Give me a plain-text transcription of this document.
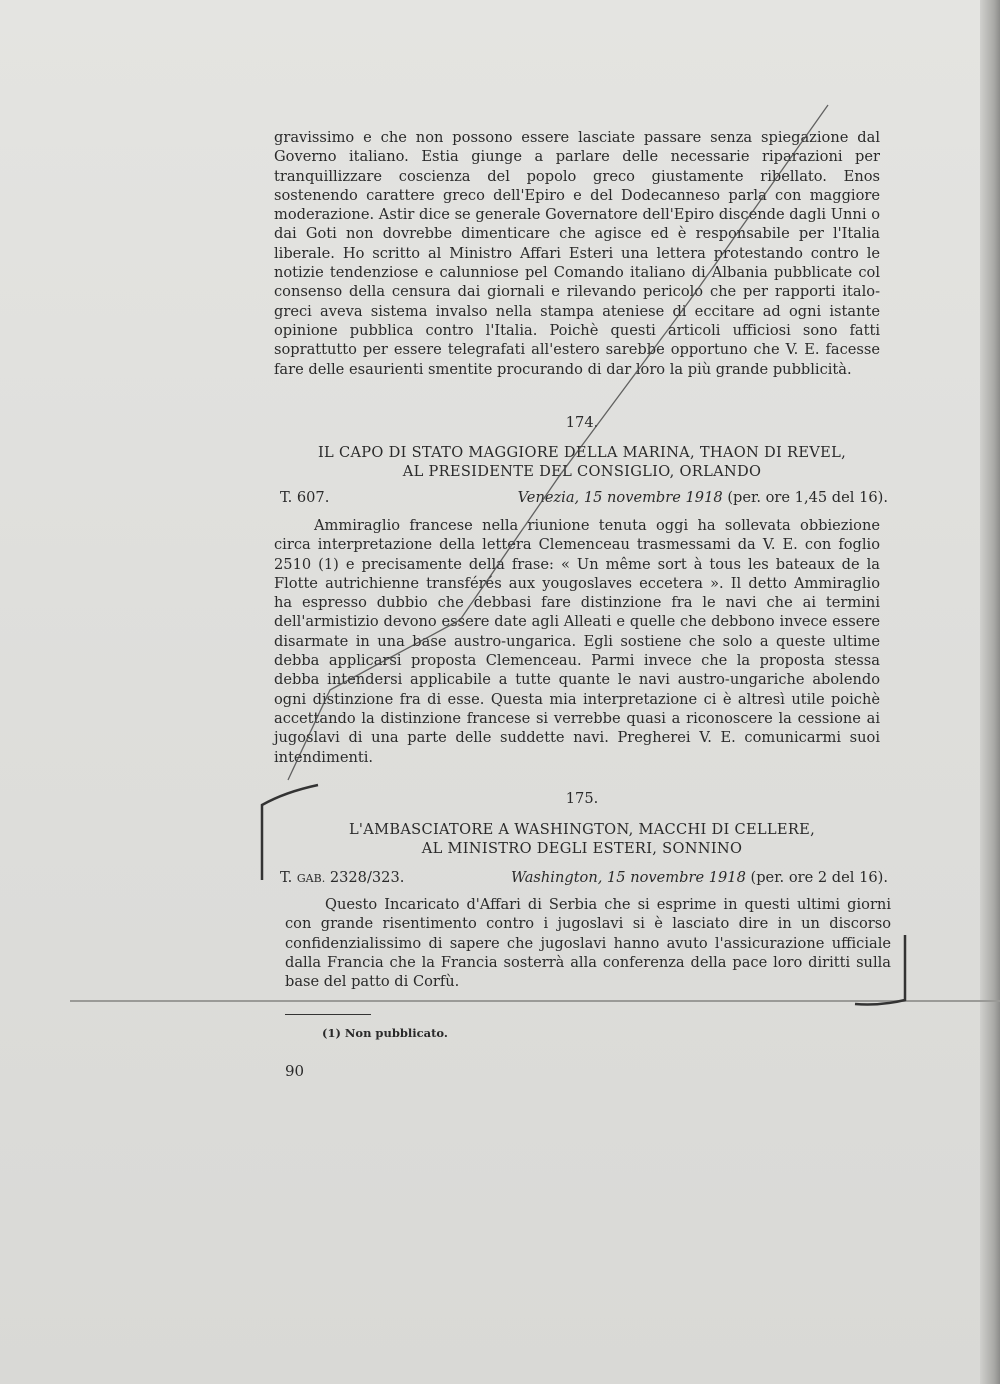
gravissimo e che non possono essere lasciate passare senza spiegazione dal Governo italiano. Estia giunge a parlare delle necessarie riparazioni per tranquillizzare coscienza del popolo greco giustamente ribellato. Enos sostenendo carattere greco dell'Epiro e del Dodecanneso parla con maggiore moderazione. Astir dice se generale Governatore dell'Epiro discende dagli Unni o dai Goti non dovrebbe dimenticare che agisce ed è responsabile per l'Italia liberale. Ho scritto al Ministro Affari Esteri una lettera protestando contro le notizie tendenziose e calunniose pel Comando italiano di Albania pubblicate col consenso della censura dai giornali e rilevando pericolo che per rapporti italo-greci aveva sistema invalso nella stampa ateniese di eccitare ad ogni istante opinione pubblica contro l'Italia. Poichè questi articoli ufficiosi sono fatti soprattutto per essere telegrafati all'estero sarebbe opportuno che V. E. facesse fare delle esaurienti smentite procurando di dar loro la più grande pubblicità.

174.
IL CAPO DI STATO MAGGIORE DELLA MARINA, THAON DI REVEL,
AL PRESIDENTE DEL CONSIGLIO, ORLANDO
T. 607.	Venezia, 15 novembre 1918 (per. ore 1,45 del 16).

Ammiraglio francese nella riunione tenuta oggi ha sollevata obbiezione circa interpretazione della lettera Clemenceau trasmessami da V. E. con foglio 2510 (1) e precisamente della frase: « Un même sort à tous les bateaux de la Flotte autrichienne transférés aux yougoslaves eccetera ». Il detto Ammiraglio ha espresso dubbio che debbasi fare distinzione fra le navi che ai termini dell'armistizio devono essere date agli Alleati e quelle che debbono invece essere disarmate in una base austro-ungarica. Egli sostiene che solo a queste ultime debba applicarsi proposta Clemenceau. Parmi invece che la proposta stessa debba intendersi applicabile a tutte quante le navi austro-ungariche abolendo ogni distinzione fra di esse. Questa mia interpretazione ci è altresì utile poichè accettando la distinzione francese si verrebbe quasi a riconoscere la cessione ai jugoslavi di una parte delle suddette navi. Pregherei V. E. comunicarmi suoi intendimenti.

175.
L'AMBASCIATORE A WASHINGTON, MACCHI DI CELLERE,
AL MINISTRO DEGLI ESTERI, SONNINO
T. GAB. 2328/323.	Washington, 15 novembre 1918 (per. ore 2 del 16).

Questo Incaricato d'Affari di Serbia che si esprime in questi ultimi giorni con grande risentimento contro i jugoslavi si è lasciato dire in un discorso confidenzialissimo di sapere che jugoslavi hanno avuto l'assicurazione ufficiale dalla Francia che la Francia sosterrà alla conferenza della pace loro diritti sulla base del patto di Corfù.

(1) Non pubblicato.
90
